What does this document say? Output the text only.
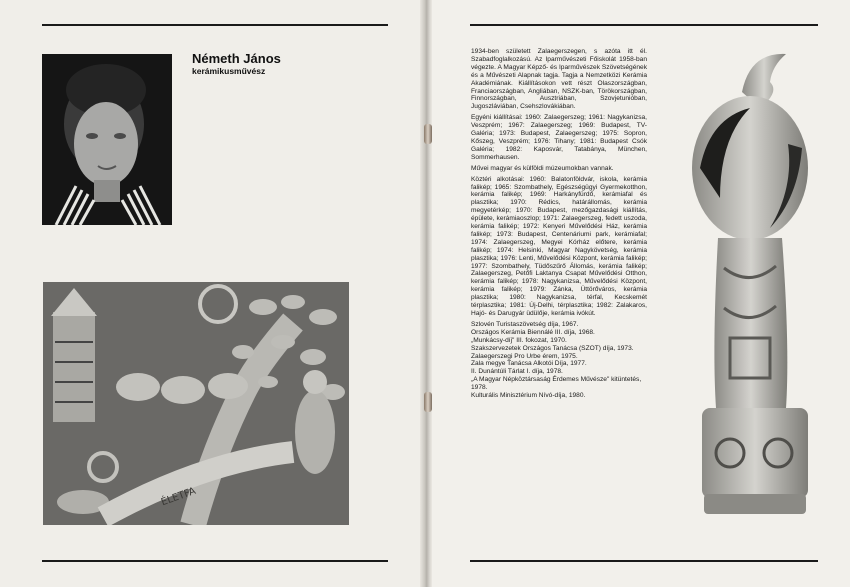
Németh János
kerámikusművész
ÉLETFA

1934-ben született Zalaegerszegen, s azóta itt él. Szabadfoglalkozású. Az Iparművészeti Főiskolát 1958-ban végezte. A Magyar Képző- és Iparművészek Szövetségének és a Művészeti Alapnak tagja. Tagja a Nemzetközi Kerámia Akadémiának. Kiállításokon vett részt Olaszországban, Franciaországban, Angliában, NSZK-ban, Törökországban, Finnországban, Ausztriában, Szovjetunióban, Jugoszláviában, Csehszlovákiában.

Egyéni kiállításai: 1960: Zalaegerszeg; 1961: Nagykanizsa, Veszprém; 1967: Zalaegerszeg; 1969: Budapest, TV-Galéria; 1973: Budapest, Zalaegerszeg; 1975: Sopron, Kőszeg, Veszprém; 1976: Tihany; 1981: Budapest Csók Galéria; 1982: Kaposvár, Tatabánya, München, Sommerhausen.

Művei magyar és külföldi múzeumokban vannak.

Köztéri alkotásai: 1960: Balatonföldvár, iskola, kerámia falikép; 1965: Szombathely, Egészségügyi Gyermekotthon, kerámia falikép; 1969: Harkányfürdő, kerámiafal és plasztika; 1970: Rédics, határállomás, kerámia megyetérkép; 1970: Budapest, mezőgazdasági kiállítás, épülete, kerámiaoszlop; 1971: Zalaegerszeg, fedett uszoda, kerámia falikép; 1972: Kenyeri Művelődési Ház, kerámia falikép; 1973: Budapest, Centenáriumi park, kerámiafal; 1974: Zalaegerszeg, Megyei Kórház előtere, kerámia falikép; 1974: Helsinki, Magyar Nagykövetség, kerámia plasztika; 1976: Lenti, Művelődési Központ, kerámia falikép; 1977: Szombathely, Tüdőszűrő Állomás, kerámia falikép; Zalaegerszeg, Petőfi Laktanya Csapat Művelődési Otthon, kerámia falikép; 1978: Nagykanizsa, Művelődési Központ, kerámia falikép; 1979: Zánka, Úttörőváros, kerámia plasztika; 1980: Nagykanizsa, térfal, Kecskemét térplasztika; 1981: Új-Delhi, térplasztika; 1982: Zalakaros, Hajó- és Darugyár üdülője, kerámia ivókút.

Szlovén Turistaszövetség díja, 1967.
Országos Kerámia Biennálé III. díja, 1968.
„Munkácsy-díj" III. fokozat, 1970.
Szakszervezetek Országos Tanácsa (SZOT) díja, 1973.
Zalaegerszegi Pro Urbe érem, 1975.
Zala megye Tanácsa Alkotói Díja, 1977.
II. Dunántúli Tárlat I. díja, 1978.
„A Magyar Népköztársaság Érdemes Művésze" kitüntetés, 1978.
Kulturális Minisztérium Nívó-díja, 1980.
